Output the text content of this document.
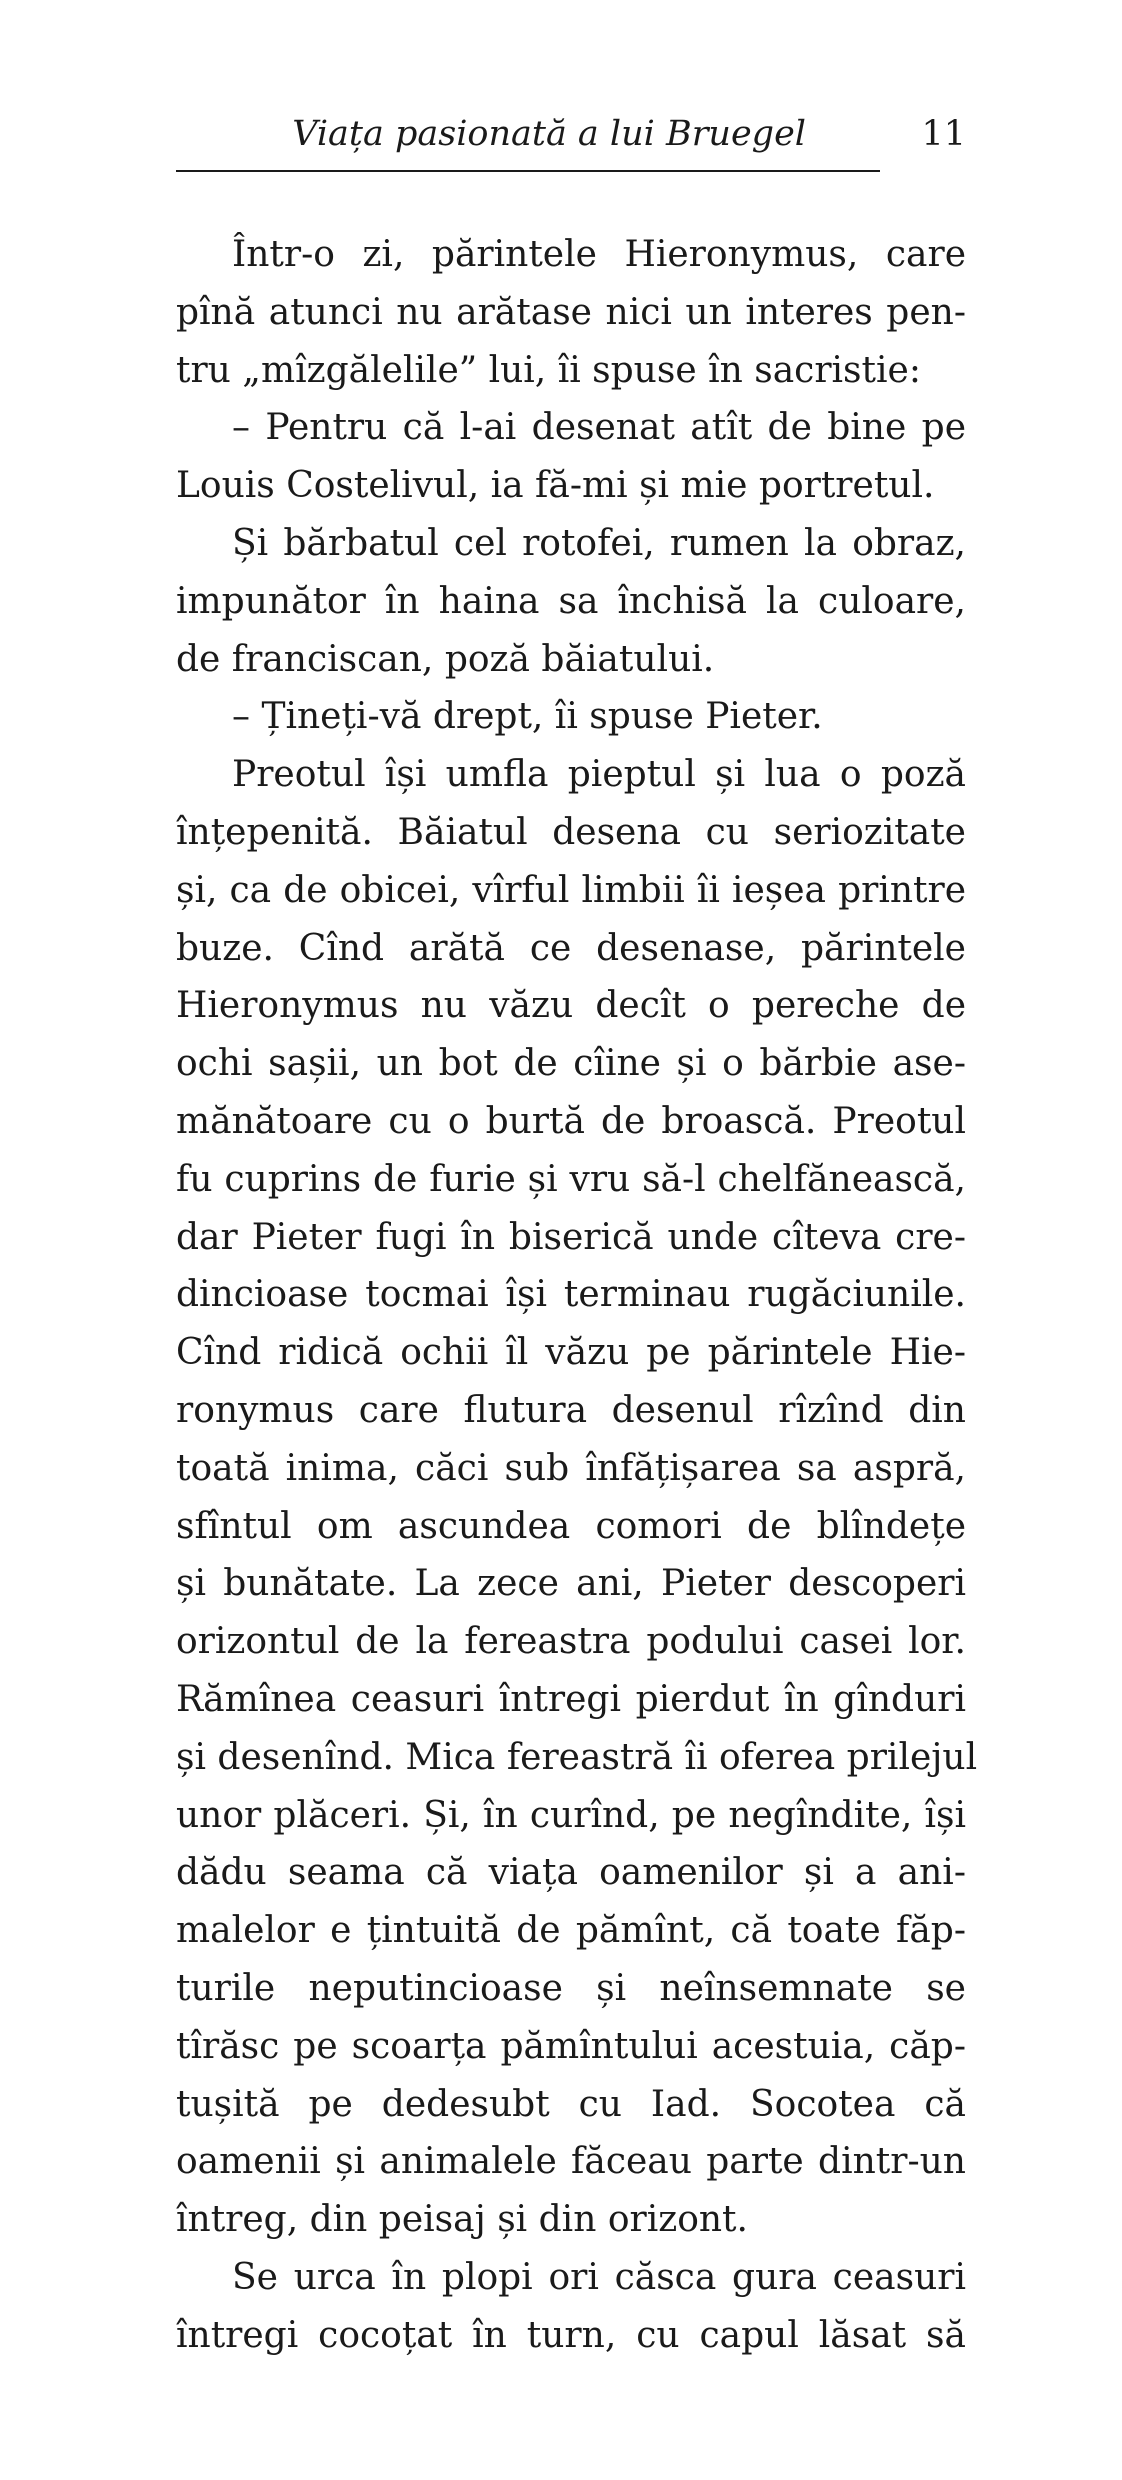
Viața pasionată a lui Bruegel	11
Într-o zi, părintele Hieronymus, care
pînă atunci nu arătase nici un interes pen-
tru „mîzgălelile” lui, îi spuse în sacristie:
– Pentru că l-ai desenat atît de bine pe
Louis Costelivul, ia fă-mi și mie portretul.
Și bărbatul cel rotofei, rumen la obraz,
impunător în haina sa închisă la culoare,
de franciscan, poză băiatului.
– Țineți-vă drept, îi spuse Pieter.
Preotul își umfla pieptul și lua o poză
înțepenită. Băiatul desena cu seriozitate
și, ca de obicei, vîrful limbii îi ieșea printre
buze. Cînd arătă ce desenase, părintele
Hieronymus nu văzu decît o pereche de
ochi sașii, un bot de cîine și o bărbie ase-
mănătoare cu o burtă de broască. Preotul
fu cuprins de furie și vru să-l chelfănească,
dar Pieter fugi în biserică unde cîteva cre-
dincioase tocmai își terminau rugăciunile.
Cînd ridică ochii îl văzu pe părintele Hie-
ronymus care flutura desenul rîzînd din
toată inima, căci sub înfățișarea sa aspră,
sfîntul om ascundea comori de blîndețe
și bunătate. La zece ani, Pieter descoperi
orizontul de la fereastra podului casei lor.
Rămînea ceasuri întregi pierdut în gînduri
și desenînd. Mica fereastră îi oferea prilejul
unor plăceri. Și, în curînd, pe negîndite, își
dădu seama că viața oamenilor și a ani-
malelor e țintuită de pămînt, că toate făp-
turile neputincioase și neînsemnate se
tîrăsc pe scoarța pămîntului acestuia, căp-
tușită pe dedesubt cu Iad. Socotea că
oamenii și animalele făceau parte dintr-un
întreg, din peisaj și din orizont.
Se urca în plopi ori căsca gura ceasuri
întregi cocoțat în turn, cu capul lăsat să
